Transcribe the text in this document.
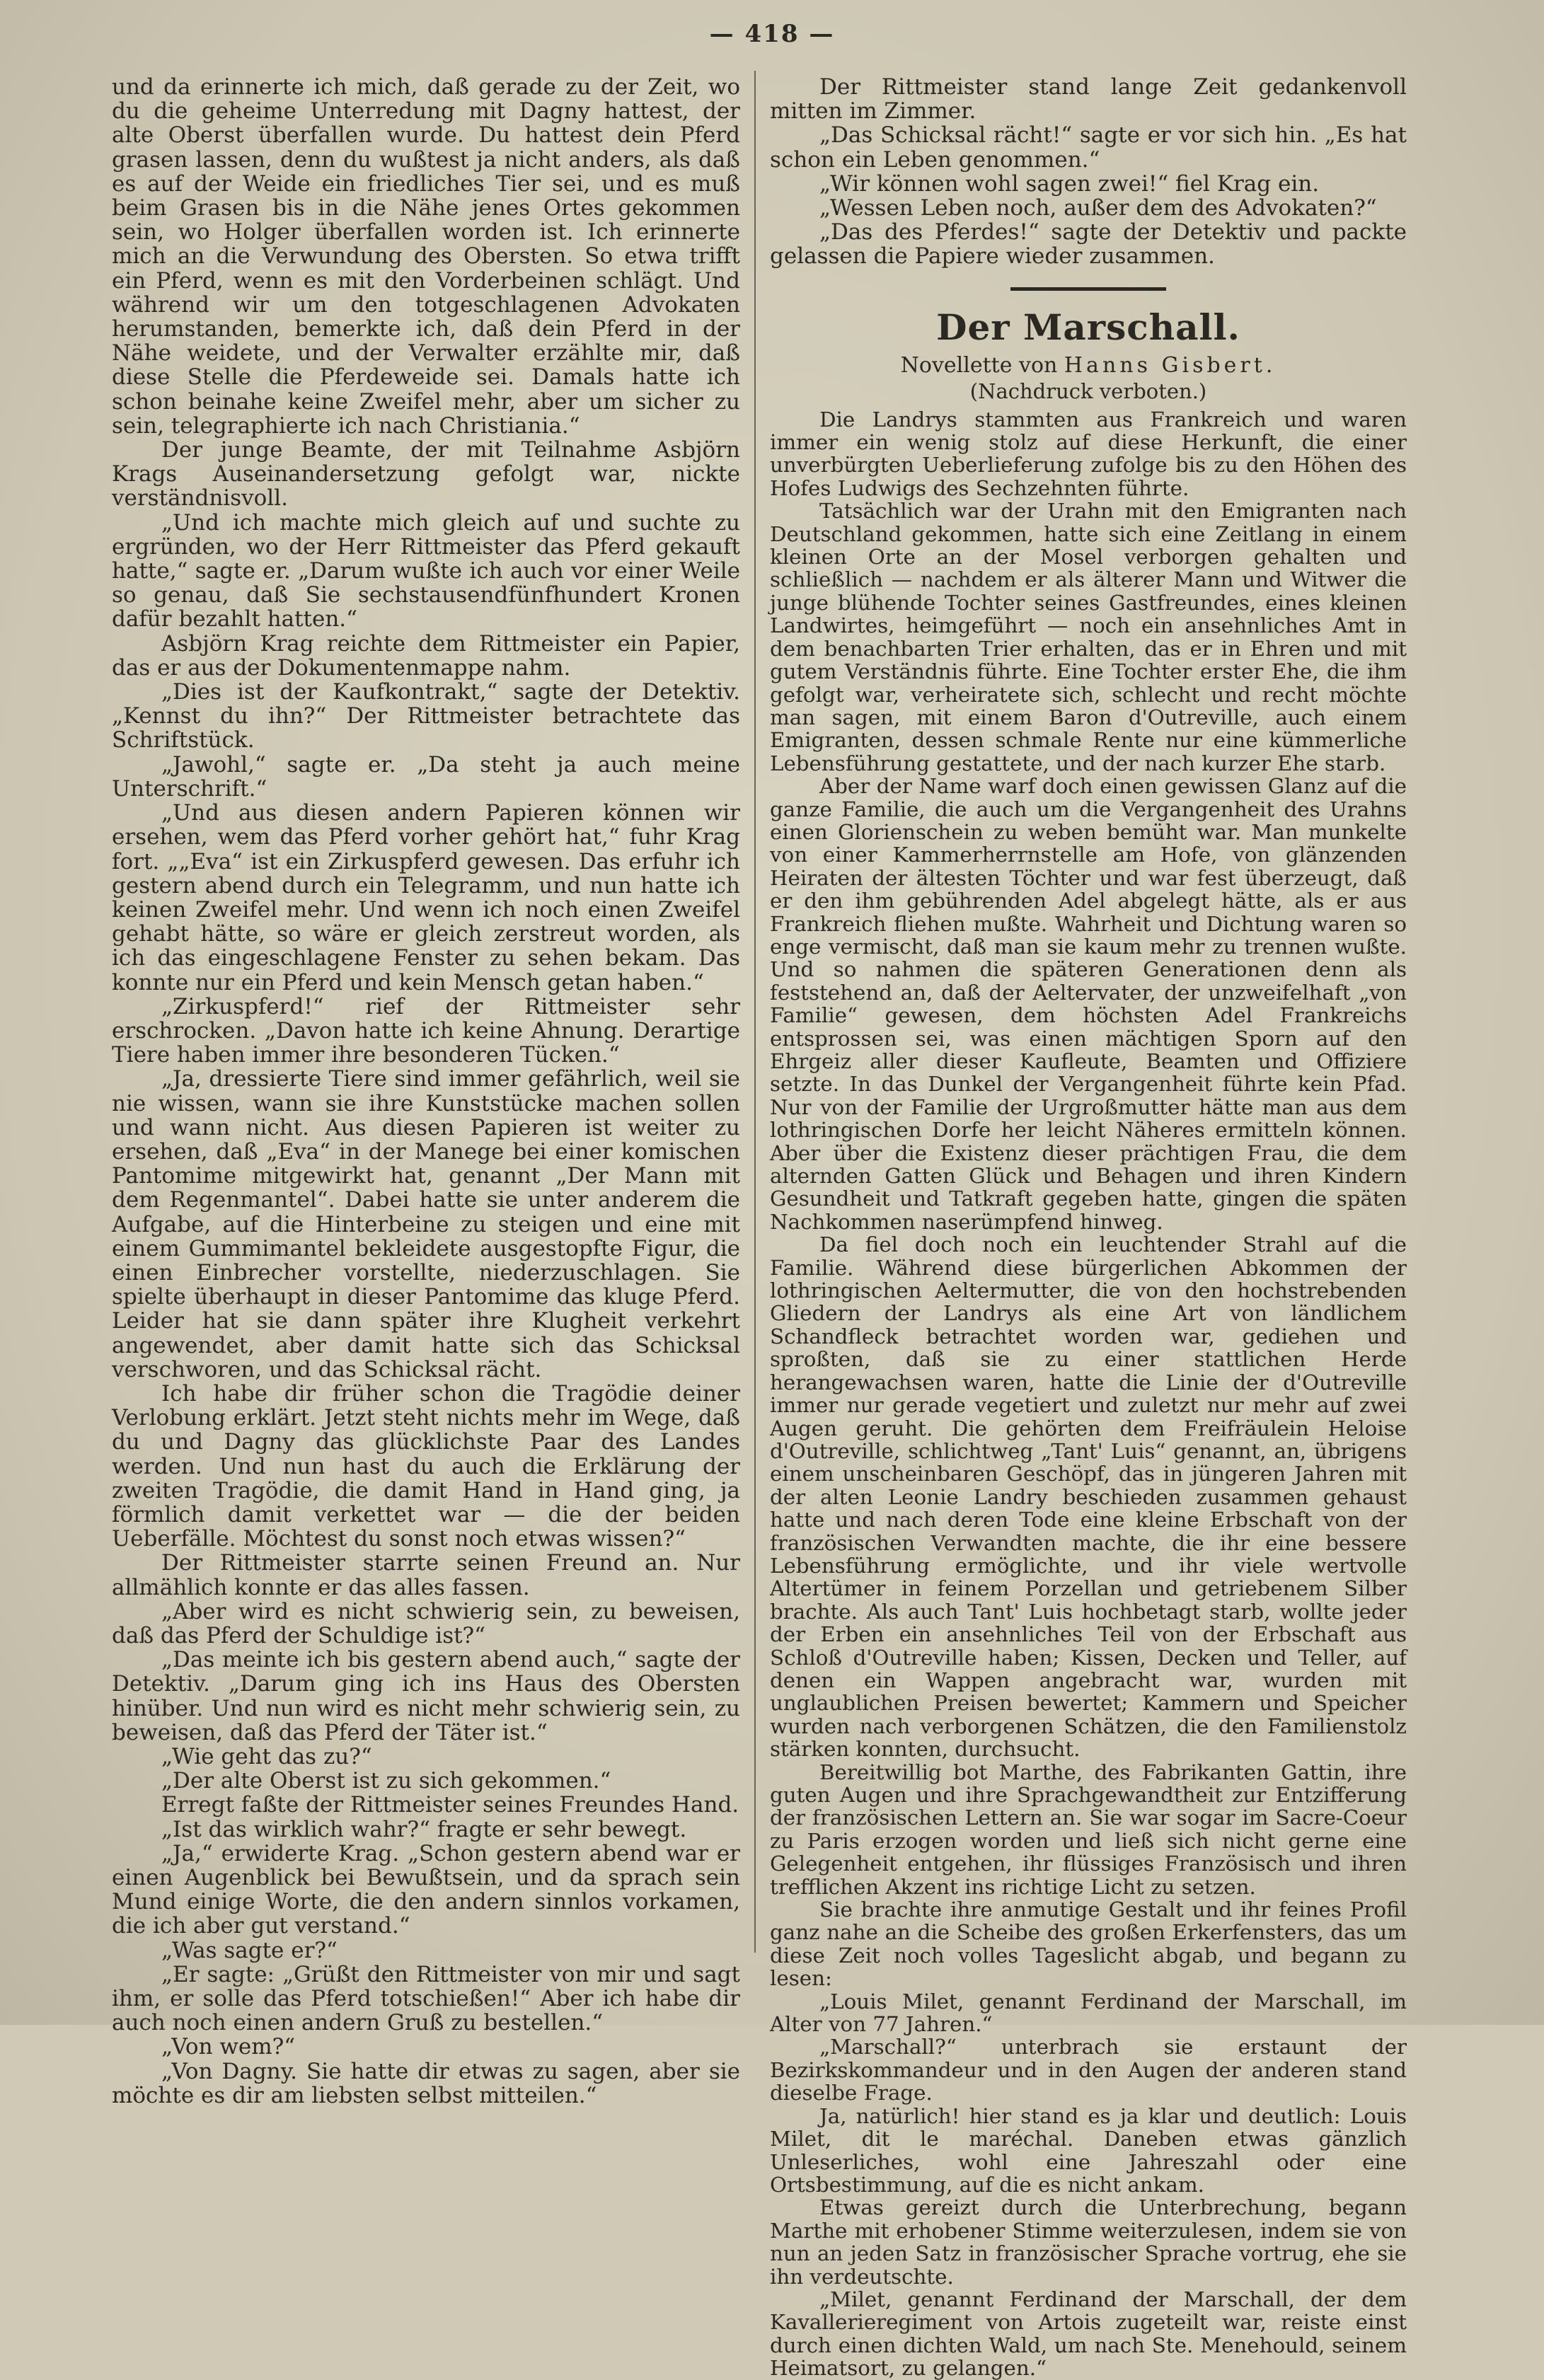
— 418 —

und da erinnerte ich mich, daß gerade zu der Zeit, wo du die geheime Unterredung mit Dagny hattest, der alte Oberst überfallen wurde. Du hattest dein Pferd grasen lassen, denn du wußtest ja nicht anders, als daß es auf der Weide ein friedliches Tier sei, und es muß beim Grasen bis in die Nähe jenes Ortes gekommen sein, wo Holger überfallen worden ist. Ich erinnerte mich an die Verwundung des Obersten. So etwa trifft ein Pferd, wenn es mit den Vorderbeinen schlägt. Und während wir um den totgeschlagenen Advokaten herumstanden, bemerkte ich, daß dein Pferd in der Nähe weidete, und der Verwalter erzählte mir, daß diese Stelle die Pferdeweide sei. Damals hatte ich schon beinahe keine Zweifel mehr, aber um sicher zu sein, telegraphierte ich nach Christiania.“

Der junge Beamte, der mit Teilnahme Asbjörn Krags Auseinandersetzung gefolgt war, nickte verständnisvoll.

„Und ich machte mich gleich auf und suchte zu ergründen, wo der Herr Rittmeister das Pferd gekauft hatte,“ sagte er. „Darum wußte ich auch vor einer Weile so genau, daß Sie sechstausendfünfhundert Kronen dafür bezahlt hatten.“

Asbjörn Krag reichte dem Rittmeister ein Papier, das er aus der Dokumentenmappe nahm.

„Dies ist der Kaufkontrakt,“ sagte der Detektiv. „Kennst du ihn?“ Der Rittmeister betrachtete das Schriftstück.

„Jawohl,“ sagte er. „Da steht ja auch meine Unterschrift.“

„Und aus diesen andern Papieren können wir ersehen, wem das Pferd vorher gehört hat,“ fuhr Krag fort. „„Eva“ ist ein Zirkuspferd gewesen. Das erfuhr ich gestern abend durch ein Telegramm, und nun hatte ich keinen Zweifel mehr. Und wenn ich noch einen Zweifel gehabt hätte, so wäre er gleich zerstreut worden, als ich das eingeschlagene Fenster zu sehen bekam. Das konnte nur ein Pferd und kein Mensch getan haben.“

„Zirkuspferd!“ rief der Rittmeister sehr erschrocken. „Davon hatte ich keine Ahnung. Derartige Tiere haben immer ihre besonderen Tücken.“

„Ja, dressierte Tiere sind immer gefährlich, weil sie nie wissen, wann sie ihre Kunststücke machen sollen und wann nicht. Aus diesen Papieren ist weiter zu ersehen, daß „Eva“ in der Manege bei einer komischen Pantomime mitgewirkt hat, genannt „Der Mann mit dem Regenmantel“. Dabei hatte sie unter anderem die Aufgabe, auf die Hinterbeine zu steigen und eine mit einem Gummimantel bekleidete ausgestopfte Figur, die einen Einbrecher vorstellte, niederzuschlagen. Sie spielte überhaupt in dieser Pantomime das kluge Pferd. Leider hat sie dann später ihre Klugheit verkehrt angewendet, aber damit hatte sich das Schicksal verschworen, und das Schicksal rächt.

Ich habe dir früher schon die Tragödie deiner Verlobung erklärt. Jetzt steht nichts mehr im Wege, daß du und Dagny das glücklichste Paar des Landes werden. Und nun hast du auch die Erklärung der zweiten Tragödie, die damit Hand in Hand ging, ja förmlich damit verkettet war — die der beiden Ueberfälle. Möchtest du sonst noch etwas wissen?“

Der Rittmeister starrte seinen Freund an. Nur allmählich konnte er das alles fassen.

„Aber wird es nicht schwierig sein, zu beweisen, daß das Pferd der Schuldige ist?“

„Das meinte ich bis gestern abend auch,“ sagte der Detektiv. „Darum ging ich ins Haus des Obersten hinüber. Und nun wird es nicht mehr schwierig sein, zu beweisen, daß das Pferd der Täter ist.“

„Wie geht das zu?“

„Der alte Oberst ist zu sich gekommen.“

Erregt faßte der Rittmeister seines Freundes Hand.

„Ist das wirklich wahr?“ fragte er sehr bewegt.

„Ja,“ erwiderte Krag. „Schon gestern abend war er einen Augenblick bei Bewußtsein, und da sprach sein Mund einige Worte, die den andern sinnlos vorkamen, die ich aber gut verstand.“

„Was sagte er?“

„Er sagte: „Grüßt den Rittmeister von mir und sagt ihm, er solle das Pferd totschießen!“ Aber ich habe dir auch noch einen andern Gruß zu bestellen.“

„Von wem?“

„Von Dagny. Sie hatte dir etwas zu sagen, aber sie möchte es dir am liebsten selbst mitteilen.“

Der Rittmeister stand lange Zeit gedankenvoll mitten im Zimmer.

„Das Schicksal rächt!“ sagte er vor sich hin. „Es hat schon ein Leben genommen.“

„Wir können wohl sagen zwei!“ fiel Krag ein.

„Wessen Leben noch, außer dem des Advokaten?“

„Das des Pferdes!“ sagte der Detektiv und packte gelassen die Papiere wieder zusammen.

Der Marschall.
Novellette von Hanns Gisbert.
(Nachdruck verboten.)

Die Landrys stammten aus Frankreich und waren immer ein wenig stolz auf diese Herkunft, die einer unverbürgten Ueberlieferung zufolge bis zu den Höhen des Hofes Ludwigs des Sechzehnten führte.

Tatsächlich war der Urahn mit den Emigranten nach Deutschland gekommen, hatte sich eine Zeitlang in einem kleinen Orte an der Mosel verborgen gehalten und schließlich — nachdem er als älterer Mann und Witwer die junge blühende Tochter seines Gastfreundes, eines kleinen Landwirtes, heimgeführt — noch ein ansehnliches Amt in dem benachbarten Trier erhalten, das er in Ehren und mit gutem Verständnis führte. Eine Tochter erster Ehe, die ihm gefolgt war, verheiratete sich, schlecht und recht möchte man sagen, mit einem Baron d'Outreville, auch einem Emigranten, dessen schmale Rente nur eine kümmerliche Lebensführung gestattete, und der nach kurzer Ehe starb.

Aber der Name warf doch einen gewissen Glanz auf die ganze Familie, die auch um die Vergangenheit des Urahns einen Glorienschein zu weben bemüht war. Man munkelte von einer Kammerherrnstelle am Hofe, von glänzenden Heiraten der ältesten Töchter und war fest überzeugt, daß er den ihm gebührenden Adel abgelegt hätte, als er aus Frankreich fliehen mußte. Wahrheit und Dichtung waren so enge vermischt, daß man sie kaum mehr zu trennen wußte. Und so nahmen die späteren Generationen denn als feststehend an, daß der Aeltervater, der unzweifelhaft „von Familie“ gewesen, dem höchsten Adel Frankreichs entsprossen sei, was einen mächtigen Sporn auf den Ehrgeiz aller dieser Kaufleute, Beamten und Offiziere setzte. In das Dunkel der Vergangenheit führte kein Pfad. Nur von der Familie der Urgroßmutter hätte man aus dem lothringischen Dorfe her leicht Näheres ermitteln können. Aber über die Existenz dieser prächtigen Frau, die dem alternden Gatten Glück und Behagen und ihren Kindern Gesundheit und Tatkraft gegeben hatte, gingen die späten Nachkommen naserümpfend hinweg.

Da fiel doch noch ein leuchtender Strahl auf die Familie. Während diese bürgerlichen Abkommen der lothringischen Aeltermutter, die von den hochstrebenden Gliedern der Landrys als eine Art von ländlichem Schandfleck betrachtet worden war, gediehen und sproßten, daß sie zu einer stattlichen Herde herangewachsen waren, hatte die Linie der d'Outreville immer nur gerade vegetiert und zuletzt nur mehr auf zwei Augen geruht. Die gehörten dem Freifräulein Heloise d'Outreville, schlichtweg „Tant' Luis“ genannt, an, übrigens einem unscheinbaren Geschöpf, das in jüngeren Jahren mit der alten Leonie Landry beschieden zusammen gehaust hatte und nach deren Tode eine kleine Erbschaft von der französischen Verwandten machte, die ihr eine bessere Lebensführung ermöglichte, und ihr viele wertvolle Altertümer in feinem Porzellan und getriebenem Silber brachte. Als auch Tant' Luis hochbetagt starb, wollte jeder der Erben ein ansehnliches Teil von der Erbschaft aus Schloß d'Outreville haben; Kissen, Decken und Teller, auf denen ein Wappen angebracht war, wurden mit unglaublichen Preisen bewertet; Kammern und Speicher wurden nach verborgenen Schätzen, die den Familienstolz stärken konnten, durchsucht.

Bereitwillig bot Marthe, des Fabrikanten Gattin, ihre guten Augen und ihre Sprachgewandtheit zur Entzifferung der französischen Lettern an. Sie war sogar im Sacre-Coeur zu Paris erzogen worden und ließ sich nicht gerne eine Gelegenheit entgehen, ihr flüssiges Französisch und ihren trefflichen Akzent ins richtige Licht zu setzen.

Sie brachte ihre anmutige Gestalt und ihr feines Profil ganz nahe an die Scheibe des großen Erkerfensters, das um diese Zeit noch volles Tageslicht abgab, und begann zu lesen:

„Louis Milet, genannt Ferdinand der Marschall, im Alter von 77 Jahren.“

„Marschall?“ unterbrach sie erstaunt der Bezirkskommandeur und in den Augen der anderen stand dieselbe Frage.

Ja, natürlich! hier stand es ja klar und deutlich: Louis Milet, dit le maréchal. Daneben etwas gänzlich Unleserliches, wohl eine Jahreszahl oder eine Ortsbestimmung, auf die es nicht ankam.

Etwas gereizt durch die Unterbrechung, begann Marthe mit erhobener Stimme weiterzulesen, indem sie von nun an jeden Satz in französischer Sprache vortrug, ehe sie ihn verdeutschte.

„Milet, genannt Ferdinand der Marschall, der dem Kavallerieregiment von Artois zugeteilt war, reiste einst durch einen dichten Wald, um nach Ste. Menehould, seinem Heimatsort, zu gelangen.“
